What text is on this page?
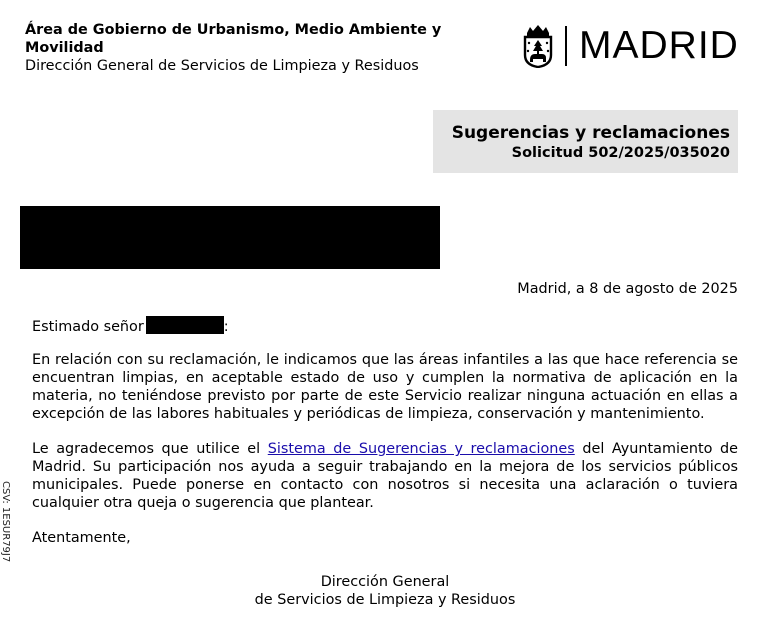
Área de Gobierno de Urbanismo, Medio Ambiente y Movilidad
Dirección General de Servicios de Limpieza y Residuos	MADRID
Sugerencias y reclamaciones
Solicitud 502/2025/035020
Madrid, a 8 de agosto de 2025
Estimado señor	:
En relación con su reclamación, le indicamos que las áreas infantiles a las que hace referencia se encuentran limpias, en aceptable estado de uso y cumplen la normativa de aplicación en la materia, no teniéndose previsto por parte de este Servicio realizar ninguna actuación en ellas a excepción de las labores habituales y periódicas de limpieza, conservación y mantenimiento.
Le agradecemos que utilice el Sistema de Sugerencias y reclamaciones del Ayuntamiento de Madrid. Su participación nos ayuda a seguir trabajando en la mejora de los servicios públicos municipales. Puede ponerse en contacto con nosotros si necesita una aclaración o tuviera cualquier otra queja o sugerencia que plantear.
Atentamente,
Dirección General
de Servicios de Limpieza y Residuos
CSV: 1ESUR79J7
